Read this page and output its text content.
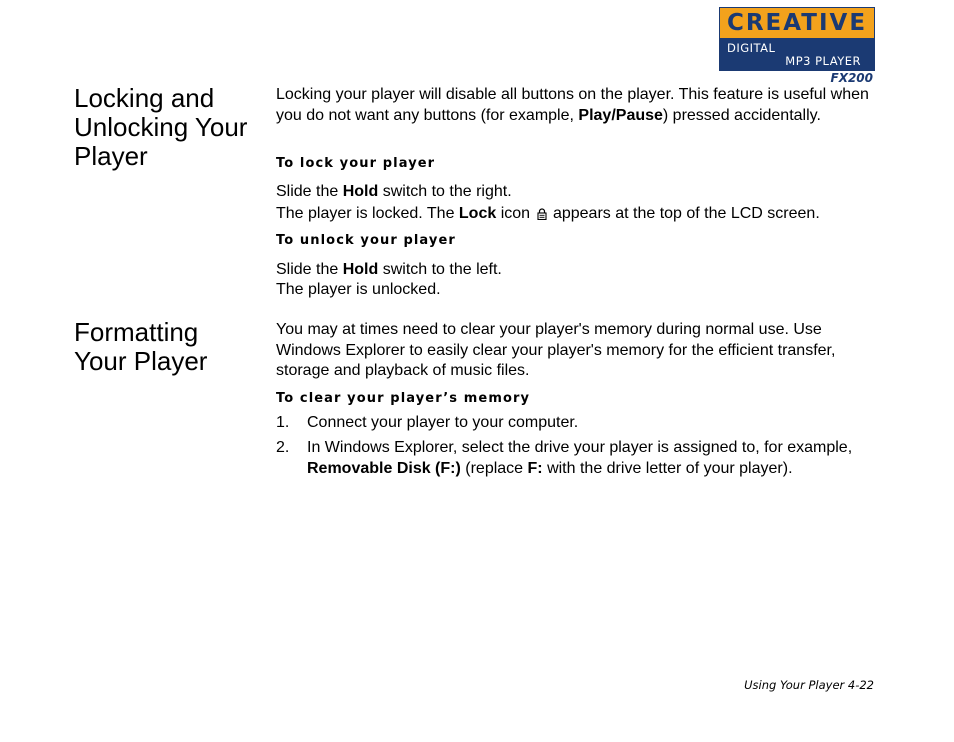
CREATIVE
DIGITAL
MP3 PLAYER
FX200
Locking and
Unlocking Your
Player

Locking your player will disable all buttons on the player. This feature is useful when you do not want any buttons (for example, Play/Pause) pressed accidentally.

To lock your player

Slide the Hold switch to the right.

The player is locked. The Lock icon  appears at the top of the LCD screen.

To unlock your player

Slide the Hold switch to the left.

The player is unlocked.

Formatting
Your Player

You may at times need to clear your player's memory during normal use. Use Windows Explorer to easily clear your player's memory for the efficient transfer, storage and playback of music files.

To clear your player’s memory
1. Connect your player to your computer.

2. In Windows Explorer, select the drive your player is assigned to, for example, Removable Disk (F:) (replace F: with the drive letter of your player).

Using Your Player 4-22
